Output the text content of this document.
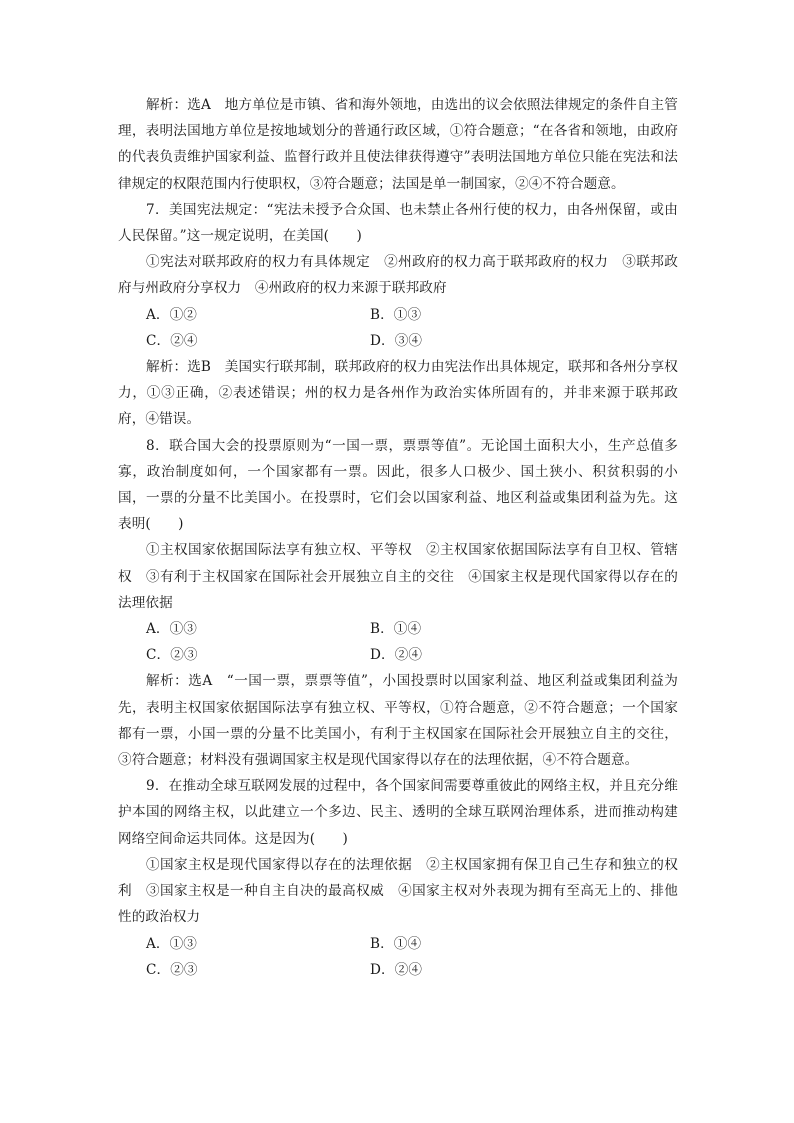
解析：选A　地方单位是市镇、省和海外领地，由选出的议会依照法律规定的条件自主管理，表明法国地方单位是按地域划分的普通行政区域，①符合题意；“在各省和领地，由政府的代表负责维护国家利益、监督行政并且使法律获得遵守”表明法国地方单位只能在宪法和法律规定的权限范围内行使职权，③符合题意；法国是单一制国家，②④不符合题意。

7．美国宪法规定：“宪法未授予合众国、也未禁止各州行使的权力，由各州保留，或由人民保留。”这一规定说明，在美国(　　)

①宪法对联邦政府的权力有具体规定　②州政府的权力高于联邦政府的权力　③联邦政府与州政府分享权力　④州政府的权力来源于联邦政府

A．①②	B．①③
C．②④	D．③④

解析：选B　美国实行联邦制，联邦政府的权力由宪法作出具体规定，联邦和各州分享权力，①③正确，②表述错误；州的权力是各州作为政治实体所固有的，并非来源于联邦政府，④错误。

8．联合国大会的投票原则为“一国一票，票票等值”。无论国土面积大小，生产总值多寡，政治制度如何，一个国家都有一票。因此，很多人口极少、国土狭小、积贫积弱的小国，一票的分量不比美国小。在投票时，它们会以国家利益、地区利益或集团利益为先。这表明(　　)

①主权国家依据国际法享有独立权、平等权　②主权国家依据国际法享有自卫权、管辖权　③有利于主权国家在国际社会开展独立自主的交往　④国家主权是现代国家得以存在的法理依据

A．①③	B．①④
C．②③	D．②④

解析：选A　“一国一票，票票等值”，小国投票时以国家利益、地区利益或集团利益为先，表明主权国家依据国际法享有独立权、平等权，①符合题意，②不符合题意；一个国家都有一票，小国一票的分量不比美国小，有利于主权国家在国际社会开展独立自主的交往，③符合题意；材料没有强调国家主权是现代国家得以存在的法理依据，④不符合题意。

9．在推动全球互联网发展的过程中，各个国家间需要尊重彼此的网络主权，并且充分维护本国的网络主权，以此建立一个多边、民主、透明的全球互联网治理体系，进而推动构建网络空间命运共同体。这是因为(　　)

①国家主权是现代国家得以存在的法理依据　②主权国家拥有保卫自己生存和独立的权利　③国家主权是一种自主自决的最高权威　④国家主权对外表现为拥有至高无上的、排他性的政治权力

A．①③	B．①④
C．②③	D．②④
